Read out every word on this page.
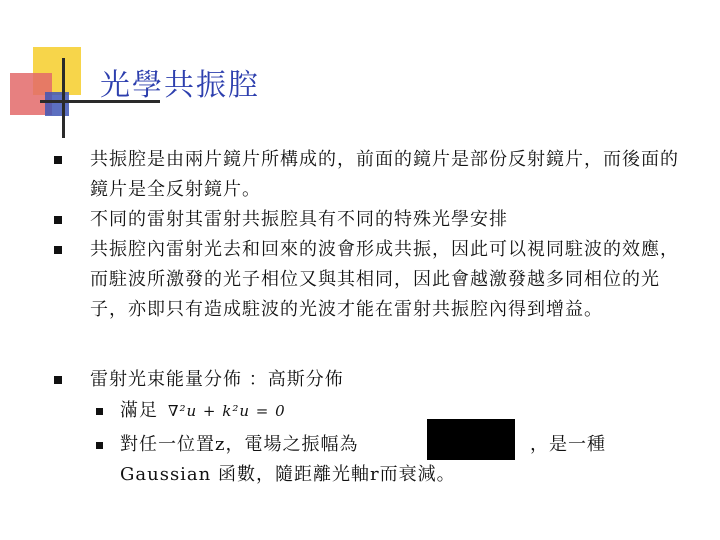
光學共振腔
共振腔是由兩片鏡片所構成的，前面的鏡片是部份反射鏡片，而後面的鏡片是全反射鏡片。
不同的雷射其雷射共振腔具有不同的特殊光學安排
共振腔內雷射光去和回來的波會形成共振，因此可以視同駐波的效應，而駐波所激發的光子相位又與其相同，因此會越激發越多同相位的光子，亦即只有造成駐波的光波才能在雷射共振腔內得到增益。
雷射光束能量分佈 ：高斯分佈
滿足 ∇²u + k²u = 0
對任一位置z，電場之振幅為	，是一種
Gaussian 函數，隨距離光軸r而衰減。
